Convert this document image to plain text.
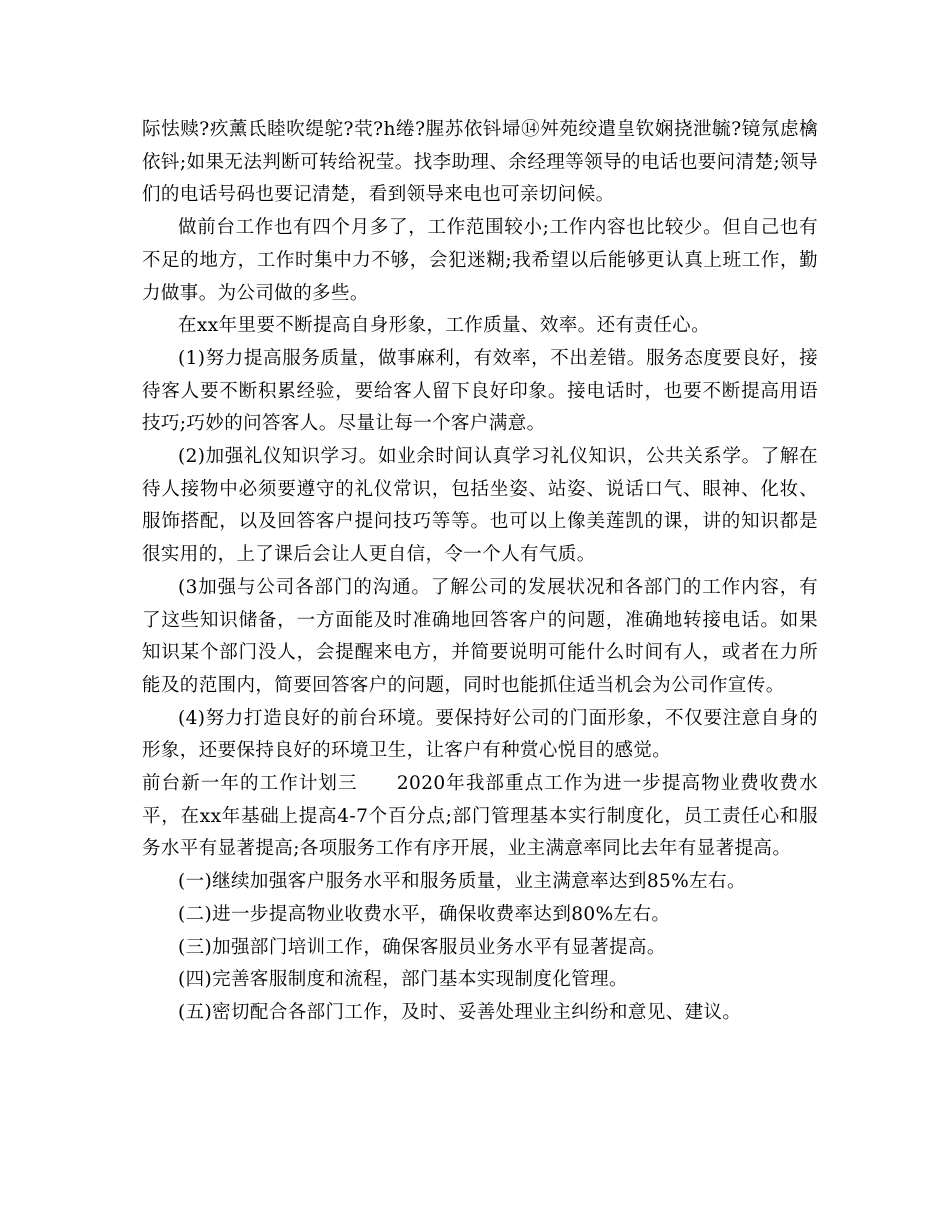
际怯赎?疚薰氐睦吹缇鸵?茕?h绻?腥苏依钭埽⑭舛苑绞遣皇钦娴挠泄毓?镜氖虑檎依钭;如果无法判断可转给祝莹。找李助理、余经理等领导的电话也要问清楚;领导们的电话号码也要记清楚，看到领导来电也可亲切问候。

做前台工作也有四个月多了，工作范围较小;工作内容也比较少。但自己也有不足的地方，工作时集中力不够，会犯迷糊;我希望以后能够更认真上班工作，勤力做事。为公司做的多些。

在xx年里要不断提高自身形象，工作质量、效率。还有责任心。

(1)努力提高服务质量，做事麻利，有效率，不出差错。服务态度要良好，接待客人要不断积累经验，要给客人留下良好印象。接电话时，也要不断提高用语技巧;巧妙的问答客人。尽量让每一个客户满意。

(2)加强礼仪知识学习。如业余时间认真学习礼仪知识，公共关系学。了解在待人接物中必须要遵守的礼仪常识，包括坐姿、站姿、说话口气、眼神、化妆、服饰搭配，以及回答客户提问技巧等等。也可以上像美莲凯的课，讲的知识都是很实用的，上了课后会让人更自信，令一个人有气质。

(3加强与公司各部门的沟通。了解公司的发展状况和各部门的工作内容，有了这些知识储备，一方面能及时准确地回答客户的问题，准确地转接电话。如果知识某个部门没人，会提醒来电方，并简要说明可能什么时间有人，或者在力所能及的范围内，简要回答客户的问题，同时也能抓住适当机会为公司作宣传。

(4)努力打造良好的前台环境。要保持好公司的门面形象，不仅要注意自身的形象，还要保持良好的环境卫生，让客户有种赏心悦目的感觉。

前台新一年的工作计划三　　2020年我部重点工作为进一步提高物业费收费水平，在xx年基础上提高4-7个百分点;部门管理基本实行制度化，员工责任心和服务水平有显著提高;各项服务工作有序开展，业主满意率同比去年有显著提高。

(一)继续加强客户服务水平和服务质量，业主满意率达到85%左右。

(二)进一步提高物业收费水平，确保收费率达到80%左右。

(三)加强部门培训工作，确保客服员业务水平有显著提高。

(四)完善客服制度和流程，部门基本实现制度化管理。

(五)密切配合各部门工作，及时、妥善处理业主纠纷和意见、建议。
